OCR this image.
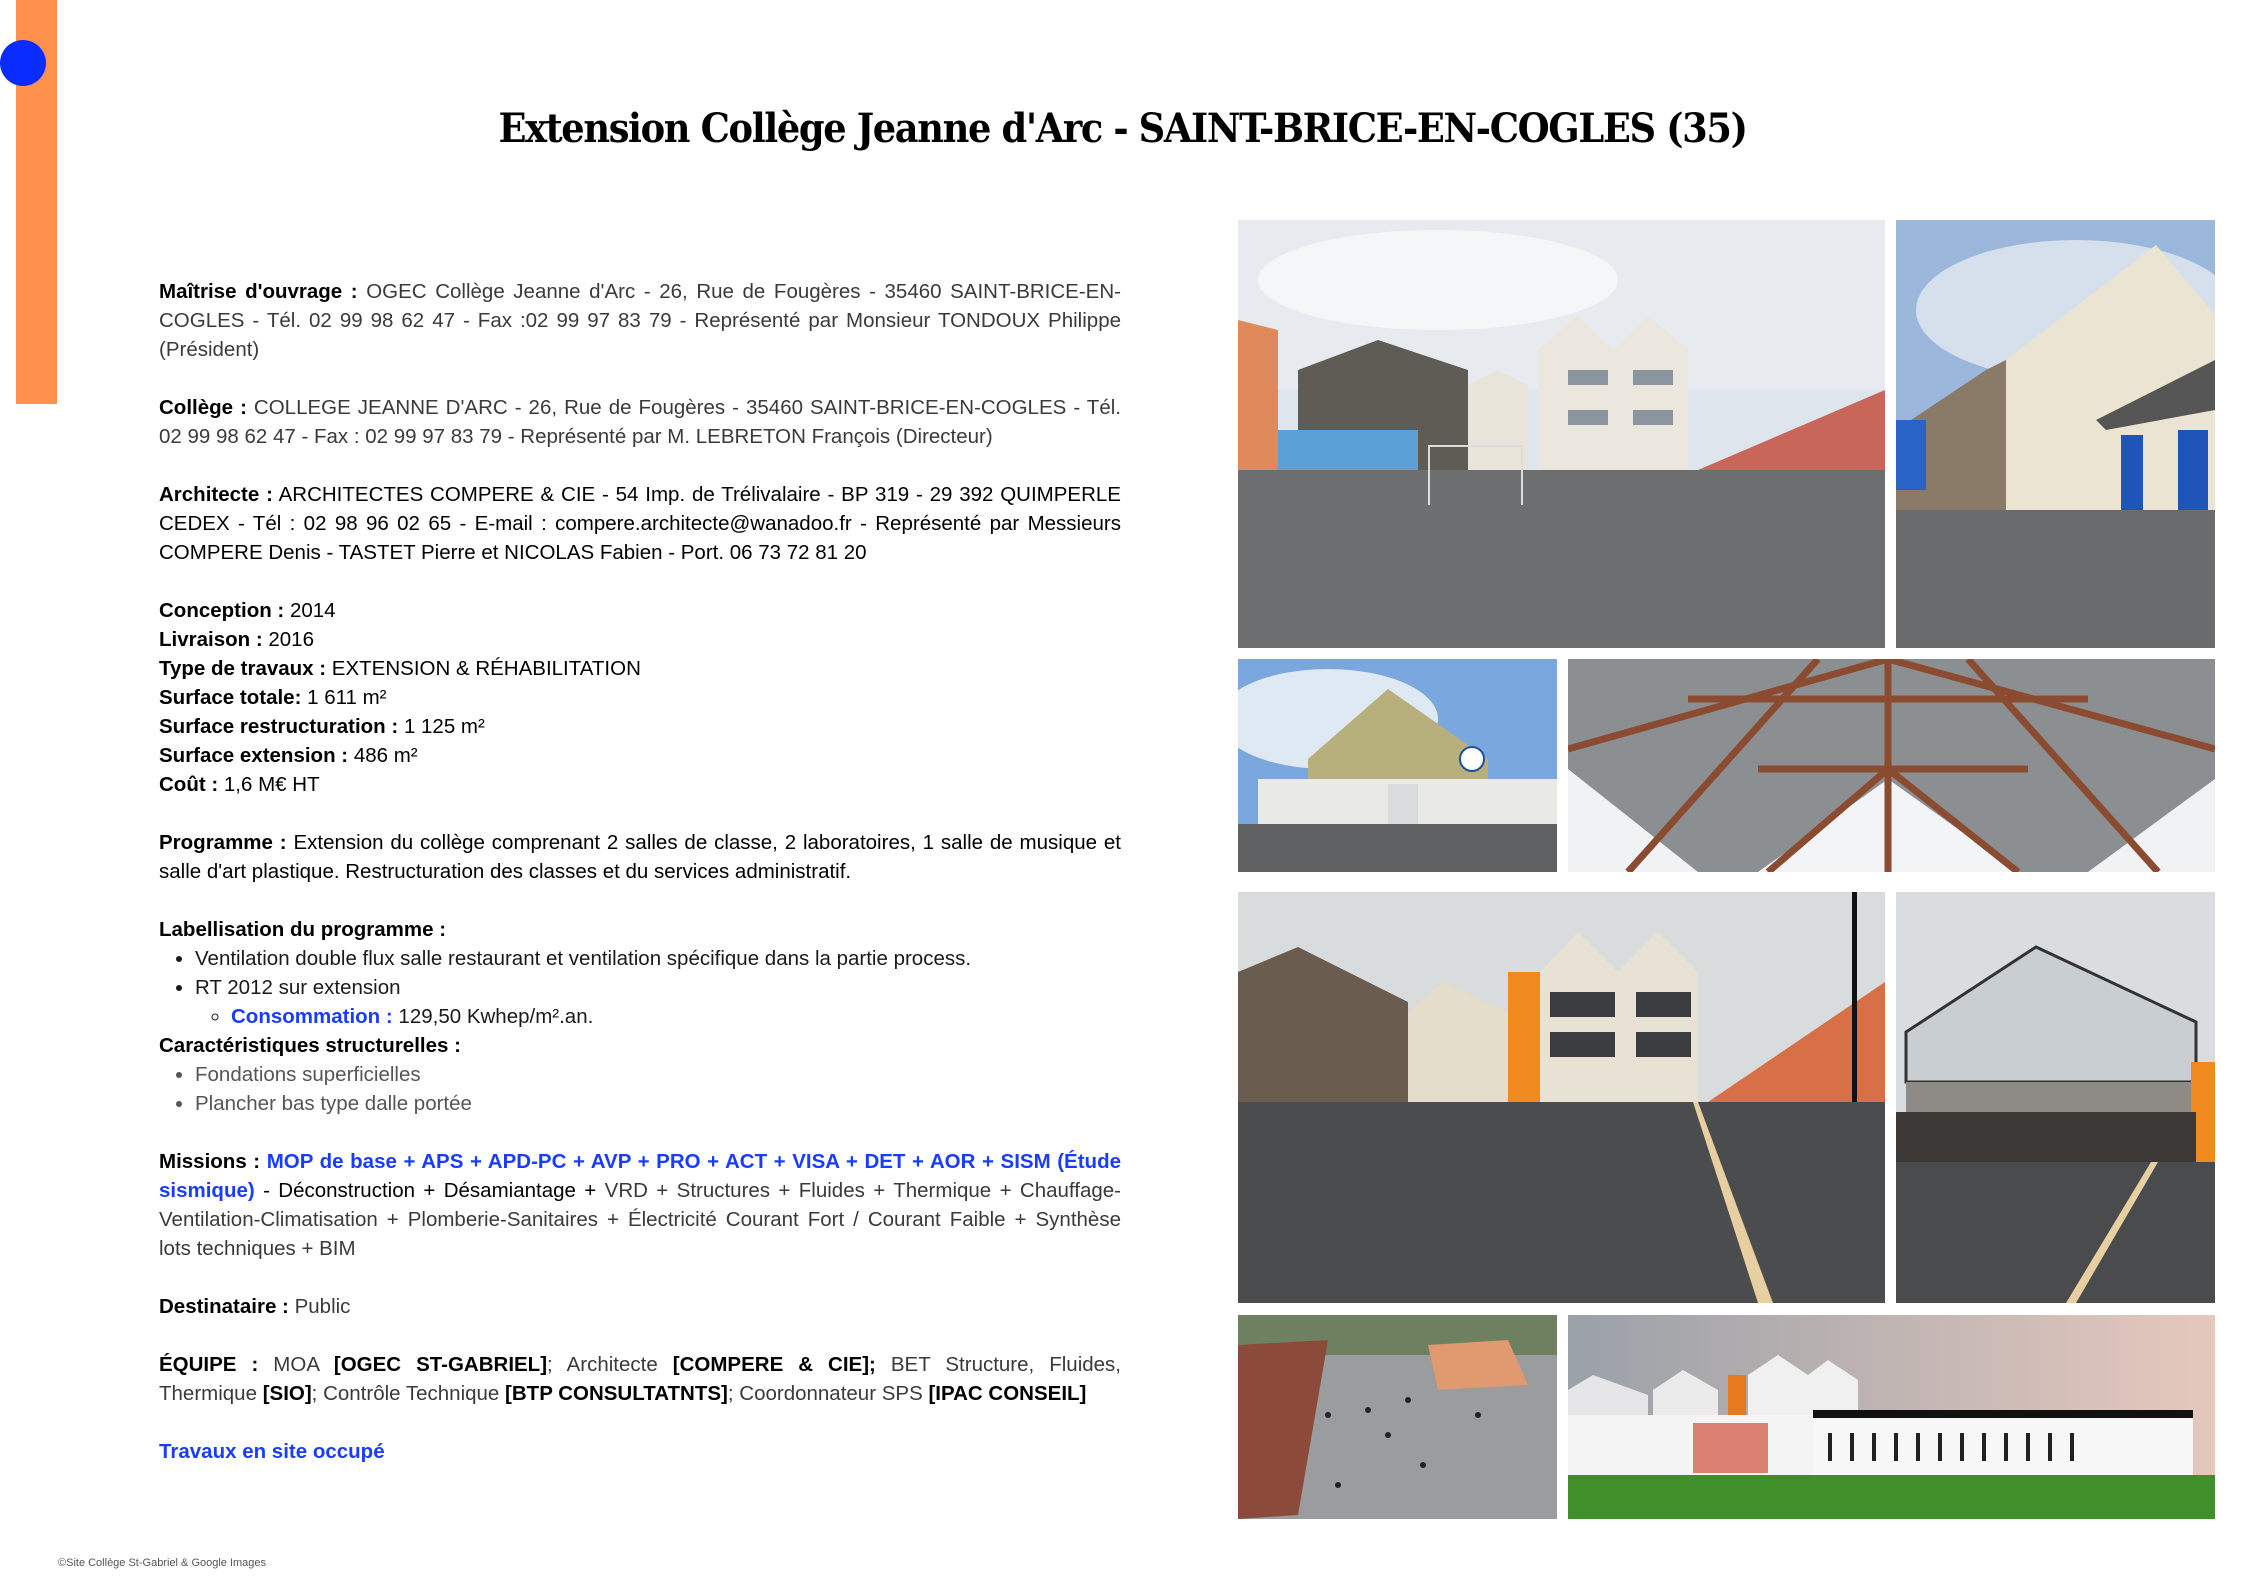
Extension Collège Jeanne d'Arc - SAINT-BRICE-EN-COGLES (35)

Maîtrise d'ouvrage : OGEC Collège Jeanne d'Arc - 26, Rue de Fougères - 35460 SAINT-BRICE-EN-COGLES - Tél. 02 99 98 62 47 - Fax :02 99 97 83 79 - Représenté par Monsieur TONDOUX Philippe (Président)

Collège : COLLEGE JEANNE D'ARC - 26, Rue de Fougères - 35460 SAINT-BRICE-EN-COGLES - Tél. 02 99 98 62 47 - Fax : 02 99 97 83 79 - Représenté par M. LEBRETON François (Directeur)

Architecte : ARCHITECTES COMPERE & CIE - 54 Imp. de Trélivalaire - BP 319 - 29 392 QUIMPERLE CEDEX - Tél : 02 98 96 02 65 - E-mail : compere.architecte@wanadoo.fr - Représenté par Messieurs COMPERE Denis - TASTET Pierre et NICOLAS Fabien - Port. 06 73 72 81 20

Conception : 2014
Livraison : 2016
Type de travaux : EXTENSION & RÉHABILITATION
Surface totale: 1 611 m²
Surface restructuration : 1 125 m²
Surface extension : 486 m²
Coût : 1,6 M€ HT

Programme : Extension du collège comprenant 2 salles de classe, 2 laboratoires, 1 salle de musique et salle d'art plastique. Restructuration des classes et du services administratif.

Labellisation du programme :
• Ventilation double flux salle restaurant et ventilation spécifique dans la partie process.
• RT 2012 sur extension
◦ Consommation : 129,50 Kwhep/m².an.
Caractéristiques structurelles :
• Fondations superficielles
• Plancher bas type dalle portée

Missions : MOP de base + APS + APD-PC + AVP + PRO + ACT + VISA + DET + AOR + SISM (Étude sismique) - Déconstruction + Désamiantage + VRD + Structures + Fluides + Thermique + Chauffage-Ventilation-Climatisation + Plomberie-Sanitaires + Électricité Courant Fort / Courant Faible + Synthèse lots techniques + BIM

Destinataire : Public

ÉQUIPE : MOA [OGEC ST-GABRIEL]; Architecte [COMPERE & CIE]; BET Structure, Fluides, Thermique [SIO]; Contrôle Technique [BTP CONSULTATNTS]; Coordonnateur SPS [IPAC CONSEIL]

Travaux en site occupé

©Site Collège St-Gabriel & Google Images
